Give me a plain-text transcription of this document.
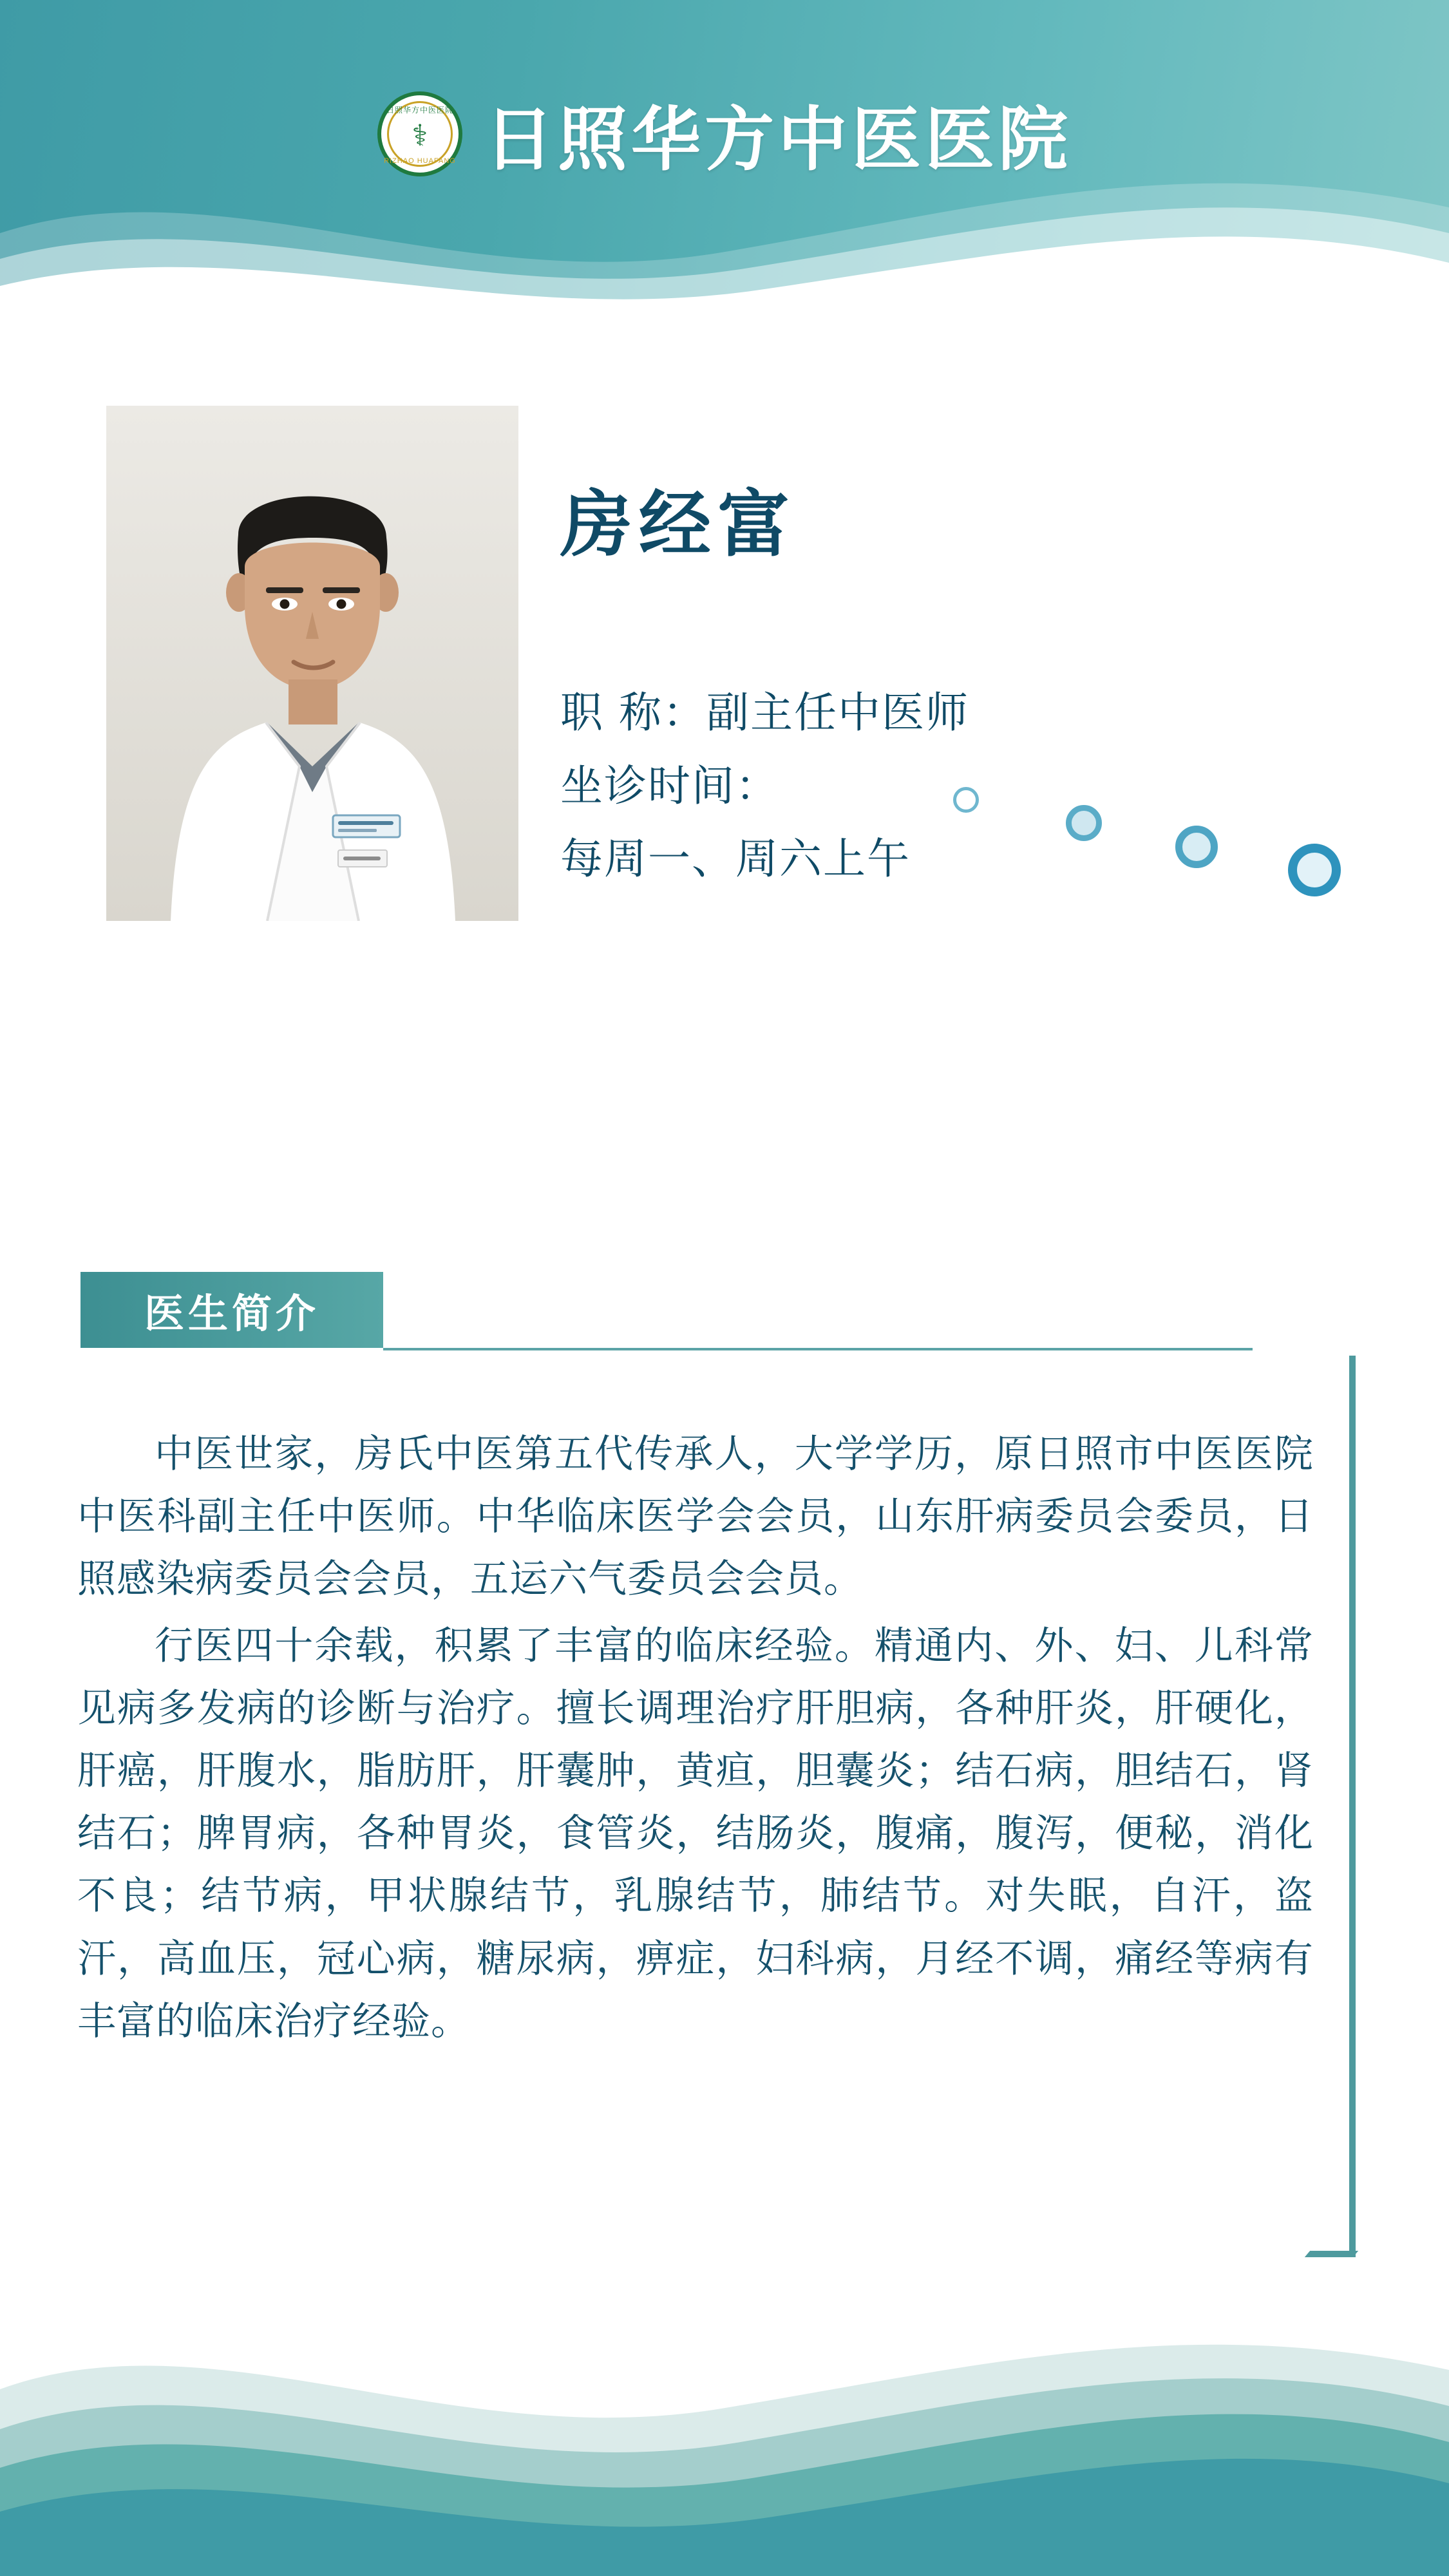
日照华方中医医院
⚕
RIZHAO HUAFANG 日照华方中医医院
房经富
职 称：副主任中医师
坐诊时间：
每周一、周六上午
医生简介

中医世家，房氏中医第五代传承人，大学学历，原日照市中医医院中医科副主任中医师。中华临床医学会会员，山东肝病委员会委员，日照感染病委员会会员，五运六气委员会会员。

行医四十余载，积累了丰富的临床经验。精通内、外、妇、儿科常见病多发病的诊断与治疗。擅长调理治疗肝胆病，各种肝炎，肝硬化，肝癌，肝腹水，脂肪肝，肝囊肿，黄疸，胆囊炎；结石病，胆结石，肾结石；脾胃病，各种胃炎，食管炎，结肠炎，腹痛，腹泻，便秘，消化不良；结节病，甲状腺结节，乳腺结节，肺结节。对失眠，自汗，盗汗，高血压，冠心病，糖尿病，痹症，妇科病，月经不调，痛经等病有丰富的临床治疗经验。
